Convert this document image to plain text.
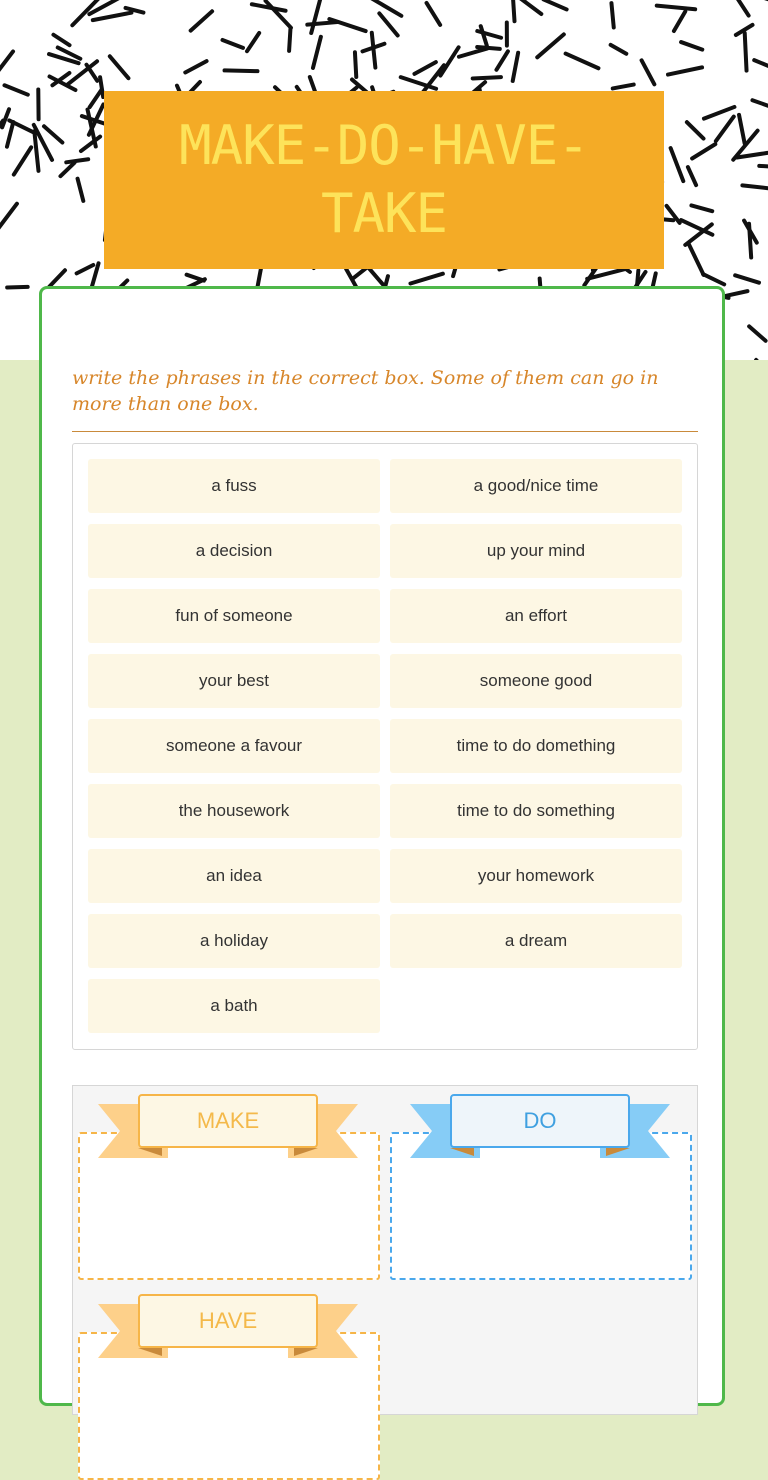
MAKE-DO-HAVE-TAKE
write the phrases in the correct box. Some of them can go in more than one box.
a fuss	a good/nice time
a decision	up your mind
fun of someone	an effort
your best	someone good
someone a favour	time to do domething
the housework	time to do something
an idea	your homework
a holiday	a dream
a bath
MAKE	DO
HAVE
